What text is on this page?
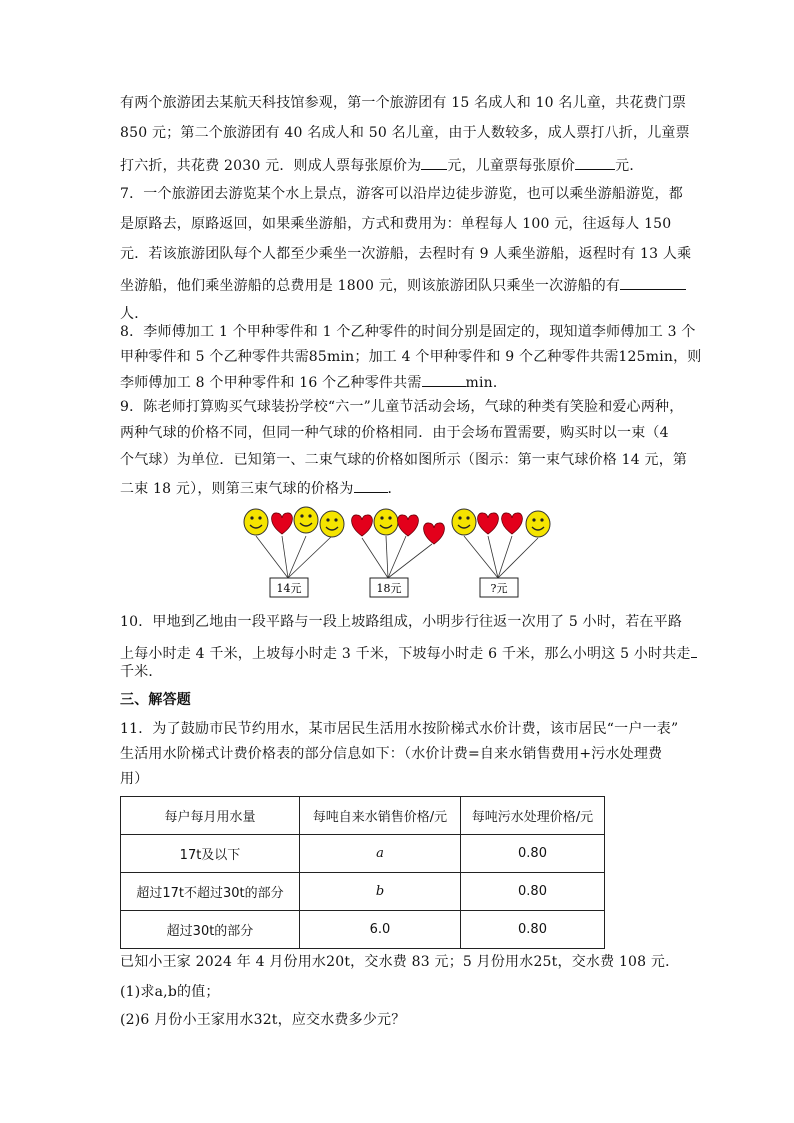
有两个旅游团去某航天科技馆参观，第一个旅游团有 15 名成人和 10 名儿童，共花费门票
850 元；第二个旅游团有 40 名成人和 50 名儿童，由于人数较多，成人票打八折，儿童票
打六折，共花费 2030 元．则成人票每张原价为 元，儿童票每张原价	元．
7．一个旅游团去游览某个水上景点，游客可以沿岸边徒步游览，也可以乘坐游船游览，都
是原路去，原路返回，如果乘坐游船，方式和费用为：单程每人 100 元，往返每人 150
元．若该旅游团队每个人都至少乘坐一次游船，去程时有 9 人乘坐游船，返程时有 13 人乘
坐游船，他们乘坐游船的总费用是 1800 元，则该旅游团队只乘坐一次游船的有
人．
8．李师傅加工 1 个甲种零件和 1 个乙种零件的时间分别是固定的，现知道李师傅加工 3 个
甲种零件和 5 个乙种零件共需85min；加工 4 个甲种零件和 9 个乙种零件共需125min，则
李师傅加工 8 个甲种零件和 16 个乙种零件共需	min．
9．陈老师打算购买气球装扮学校“六一”儿童节活动会场，气球的种类有笑脸和爱心两种，
两种气球的价格不同，但同一种气球的价格相同．由于会场布置需要，购买时以一束（4
个气球）为单位．已知第一、二束气球的价格如图所示（图示：第一束气球价格 14 元，第
14元	18元	?元
10．甲地到乙地由一段平路与一段上坡路组成，小明步行往返一次用了 5 小时，若在平路
上每小时走 4 千米，上坡每小时走 3 千米，下坡每小时走 6 千米，那么小明这 5 小时共走
千米．
三、解答题
11．为了鼓励市民节约用水，某市居民生活用水按阶梯式水价计费，该市居民“一户一表”
生活用水阶梯式计费价格表的部分信息如下：（水价计费=自来水销售费用+污水处理费
用）
每户每月用水量	每吨自来水销售价格/元	每吨污水处理价格/元
17t及以下	a	0.80
超过17t不超过30t的部分	b	0.80
超过30t的部分	6.0	0.80
已知小王家 2024 年 4 月份用水20t，交水费 83 元；5 月份用水25t，交水费 108 元．
(1)求a,b的值；
(2)6 月份小王家用水32t，应交水费多少元？
二束 18 元），则第三束气球的价格为 ．
